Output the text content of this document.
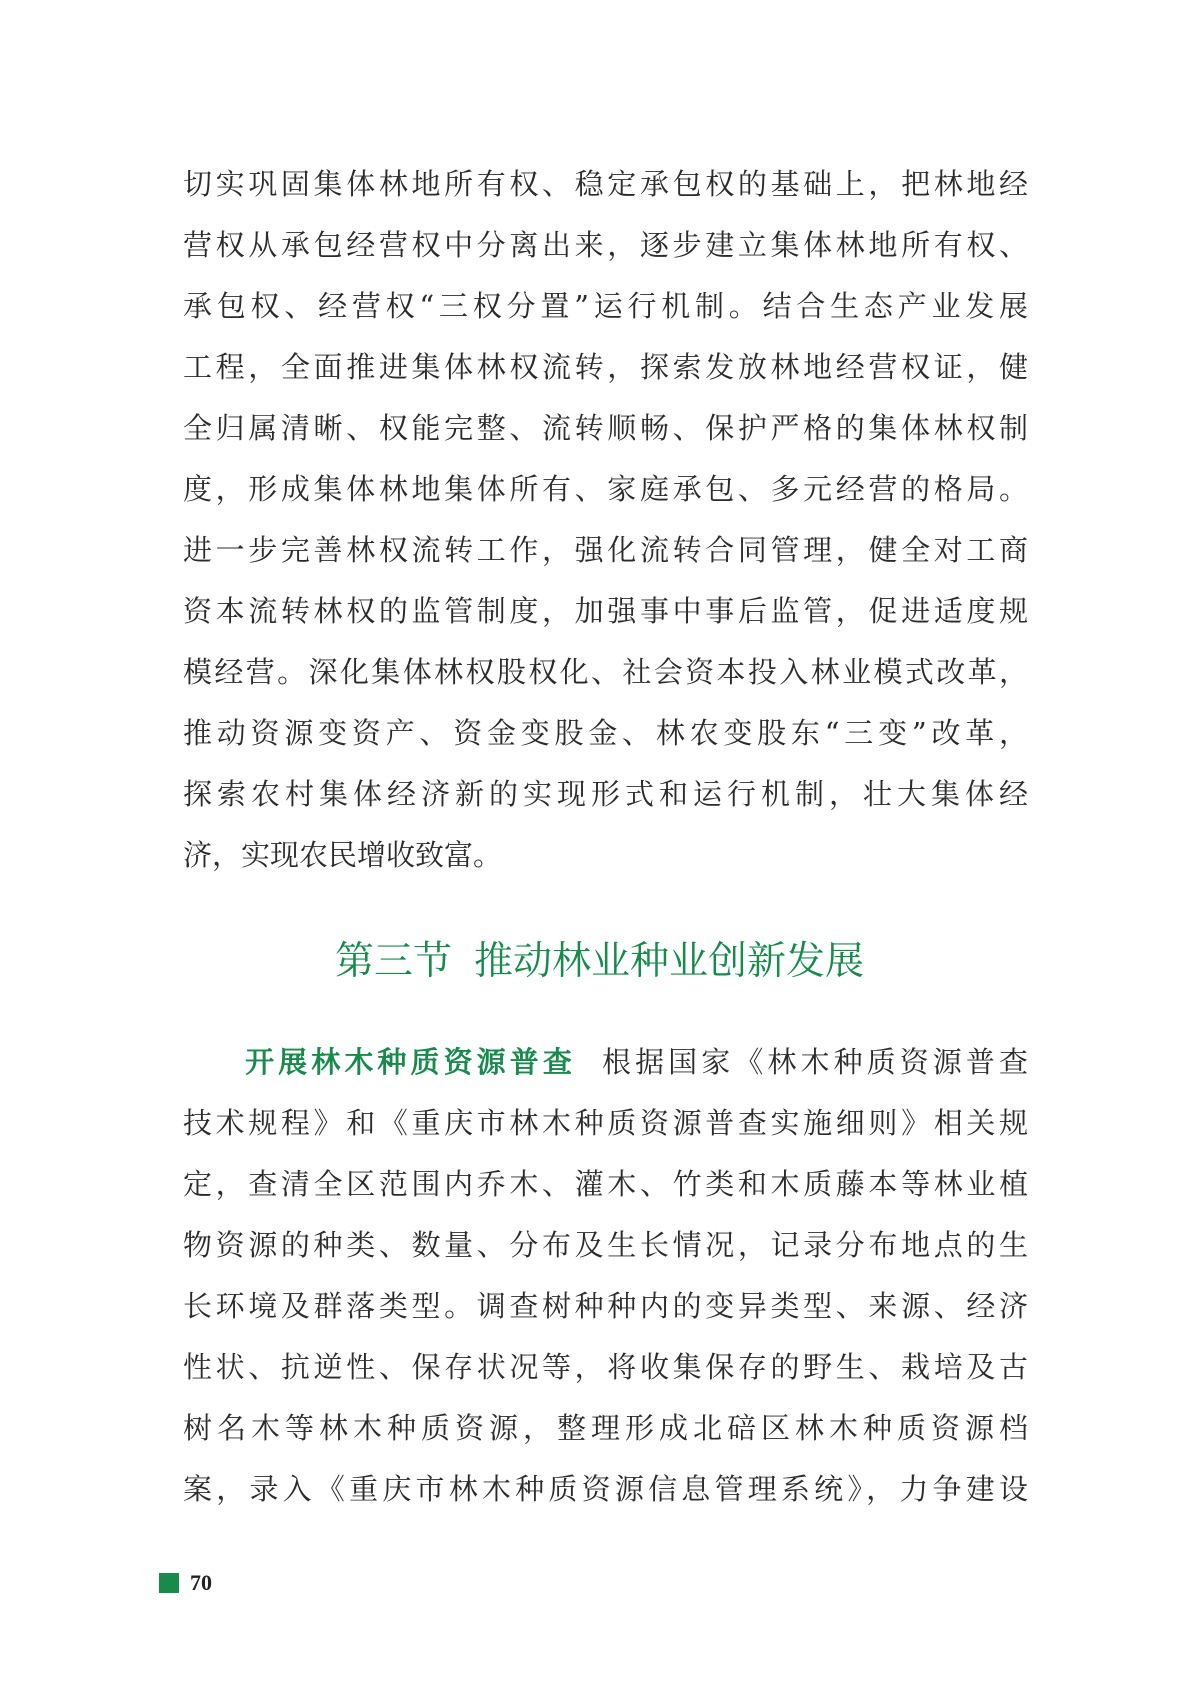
切实巩固集体林地所有权、稳定承包权的基础上，把林地经
营权从承包经营权中分离出来，逐步建立集体林地所有权、
承包权、经营权“三权分置”运行机制。结合生态产业发展
工程，全面推进集体林权流转，探索发放林地经营权证，健
全归属清晰、权能完整、流转顺畅、保护严格的集体林权制
度，形成集体林地集体所有、家庭承包、多元经营的格局。
进一步完善林权流转工作，强化流转合同管理，健全对工商
资本流转林权的监管制度，加强事中事后监管，促进适度规
模经营。深化集体林权股权化、社会资本投入林业模式改革，
推动资源变资产、资金变股金、林农变股东“三变”改革，
探索农村集体经济新的实现形式和运行机制，壮大集体经
济，实现农民增收致富。
第三节 推动林业种业创新发展
开展林木种质资源普查 根据国家《林木种质资源普查
技术规程》和《重庆市林木种质资源普查实施细则》相关规
定，查清全区范围内乔木、灌木、竹类和木质藤本等林业植
物资源的种类、数量、分布及生长情况，记录分布地点的生
长环境及群落类型。调查树种种内的变异类型、来源、经济
性状、抗逆性、保存状况等，将收集保存的野生、栽培及古
树名木等林木种质资源，整理形成北碚区林木种质资源档
案，录入《重庆市林木种质资源信息管理系统》，力争建设
70
